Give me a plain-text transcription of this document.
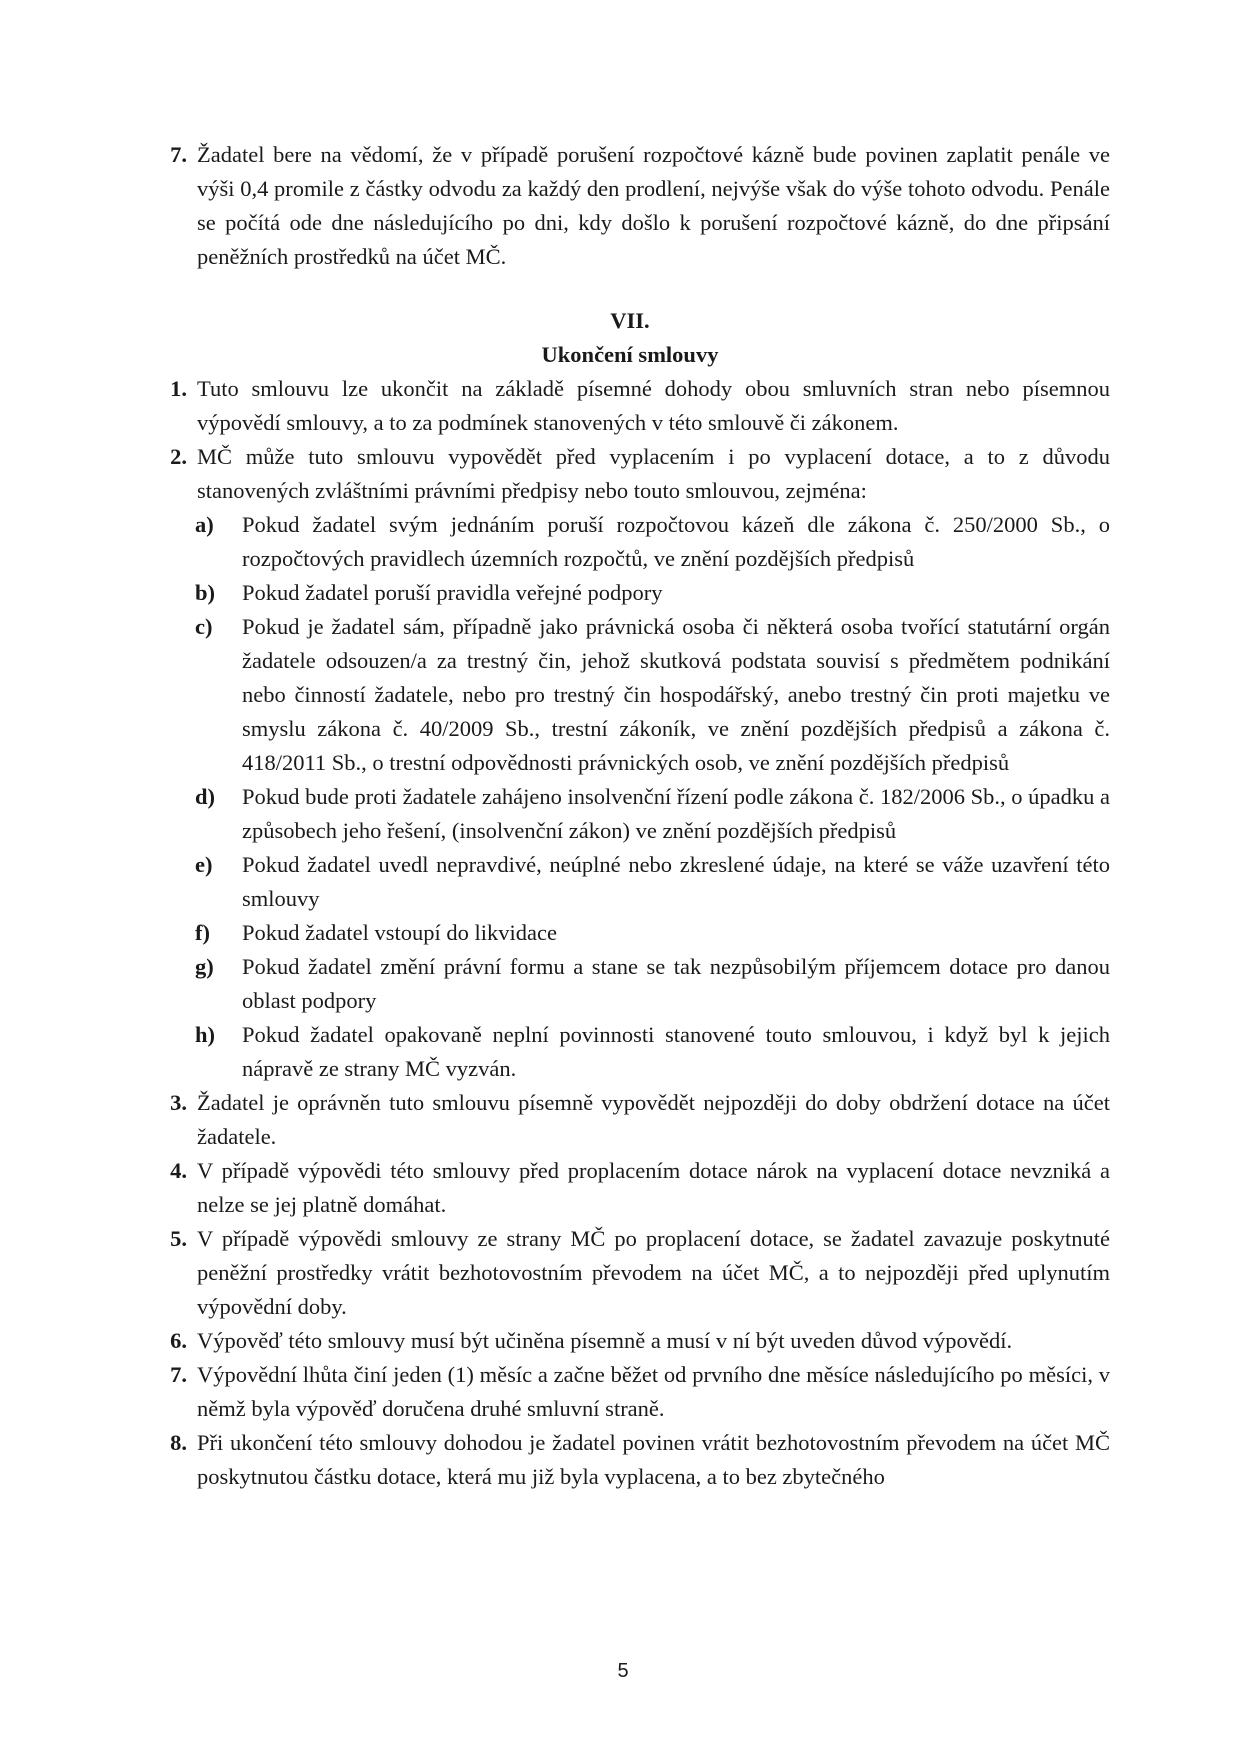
7. Žadatel bere na vědomí, že v případě porušení rozpočtové kázně bude povinen zaplatit penále ve výši 0,4 promile z částky odvodu za každý den prodlení, nejvýše však do výše tohoto odvodu. Penále se počítá ode dne následujícího po dni, kdy došlo k porušení rozpočtové kázně, do dne připsání peněžních prostředků na účet MČ.
VII.
Ukončení smlouvy
1. Tuto smlouvu lze ukončit na základě písemné dohody obou smluvních stran nebo písemnou výpovědí smlouvy, a to za podmínek stanovených v této smlouvě či zákonem.
2. MČ může tuto smlouvu vypovědět před vyplacením i po vyplacení dotace, a to z důvodu stanovených zvláštními právními předpisy nebo touto smlouvou, zejména:
a)	Pokud žadatel svým jednáním poruší rozpočtovou kázeň dle zákona č. 250/2000 Sb., o rozpočtových pravidlech územních rozpočtů, ve znění pozdějších předpisů
b)	Pokud žadatel poruší pravidla veřejné podpory
c)	Pokud je žadatel sám, případně jako právnická osoba či některá osoba tvořící statutární orgán žadatele odsouzen/a za trestný čin, jehož skutková podstata souvisí s předmětem podnikání nebo činností žadatele, nebo pro trestný čin hospodářský, anebo trestný čin proti majetku ve smyslu zákona č. 40/2009 Sb., trestní zákoník, ve znění pozdějších předpisů a zákona č. 418/2011 Sb., o trestní odpovědnosti právnických osob, ve znění pozdějších předpisů
d)	Pokud bude proti žadatele zahájeno insolvenční řízení podle zákona č. 182/2006 Sb., o úpadku a způsobech jeho řešení, (insolvenční zákon) ve znění pozdějších předpisů
e)	Pokud žadatel uvedl nepravdivé, neúplné nebo zkreslené údaje, na které se váže uzavření této smlouvy
f)	Pokud žadatel vstoupí do likvidace
g)	Pokud žadatel změní právní formu a stane se tak nezpůsobilým příjemcem dotace pro danou oblast podpory
h)	Pokud žadatel opakovaně neplní povinnosti stanovené touto smlouvou, i když byl k jejich nápravě ze strany MČ vyzván.
3. Žadatel je oprávněn tuto smlouvu písemně vypovědět nejpozději do doby obdržení dotace na účet žadatele.
4. V případě výpovědi této smlouvy před proplacením dotace nárok na vyplacení dotace nevzniká a nelze se jej platně domáhat.
5. V případě výpovědi smlouvy ze strany MČ po proplacení dotace, se žadatel zavazuje poskytnuté peněžní prostředky vrátit bezhotovostním převodem na účet MČ, a to nejpozději před uplynutím výpovědní doby.
6. Výpověď této smlouvy musí být učiněna písemně a musí v ní být uveden důvod výpovědí.
7. Výpovědní lhůta činí jeden (1) měsíc a začne běžet od prvního dne měsíce následujícího po měsíci, v němž byla výpověď doručena druhé smluvní straně.
8. Při ukončení této smlouvy dohodou je žadatel povinen vrátit bezhotovostním převodem na účet MČ poskytnutou částku dotace, která mu již byla vyplacena, a to bez zbytečného
5
